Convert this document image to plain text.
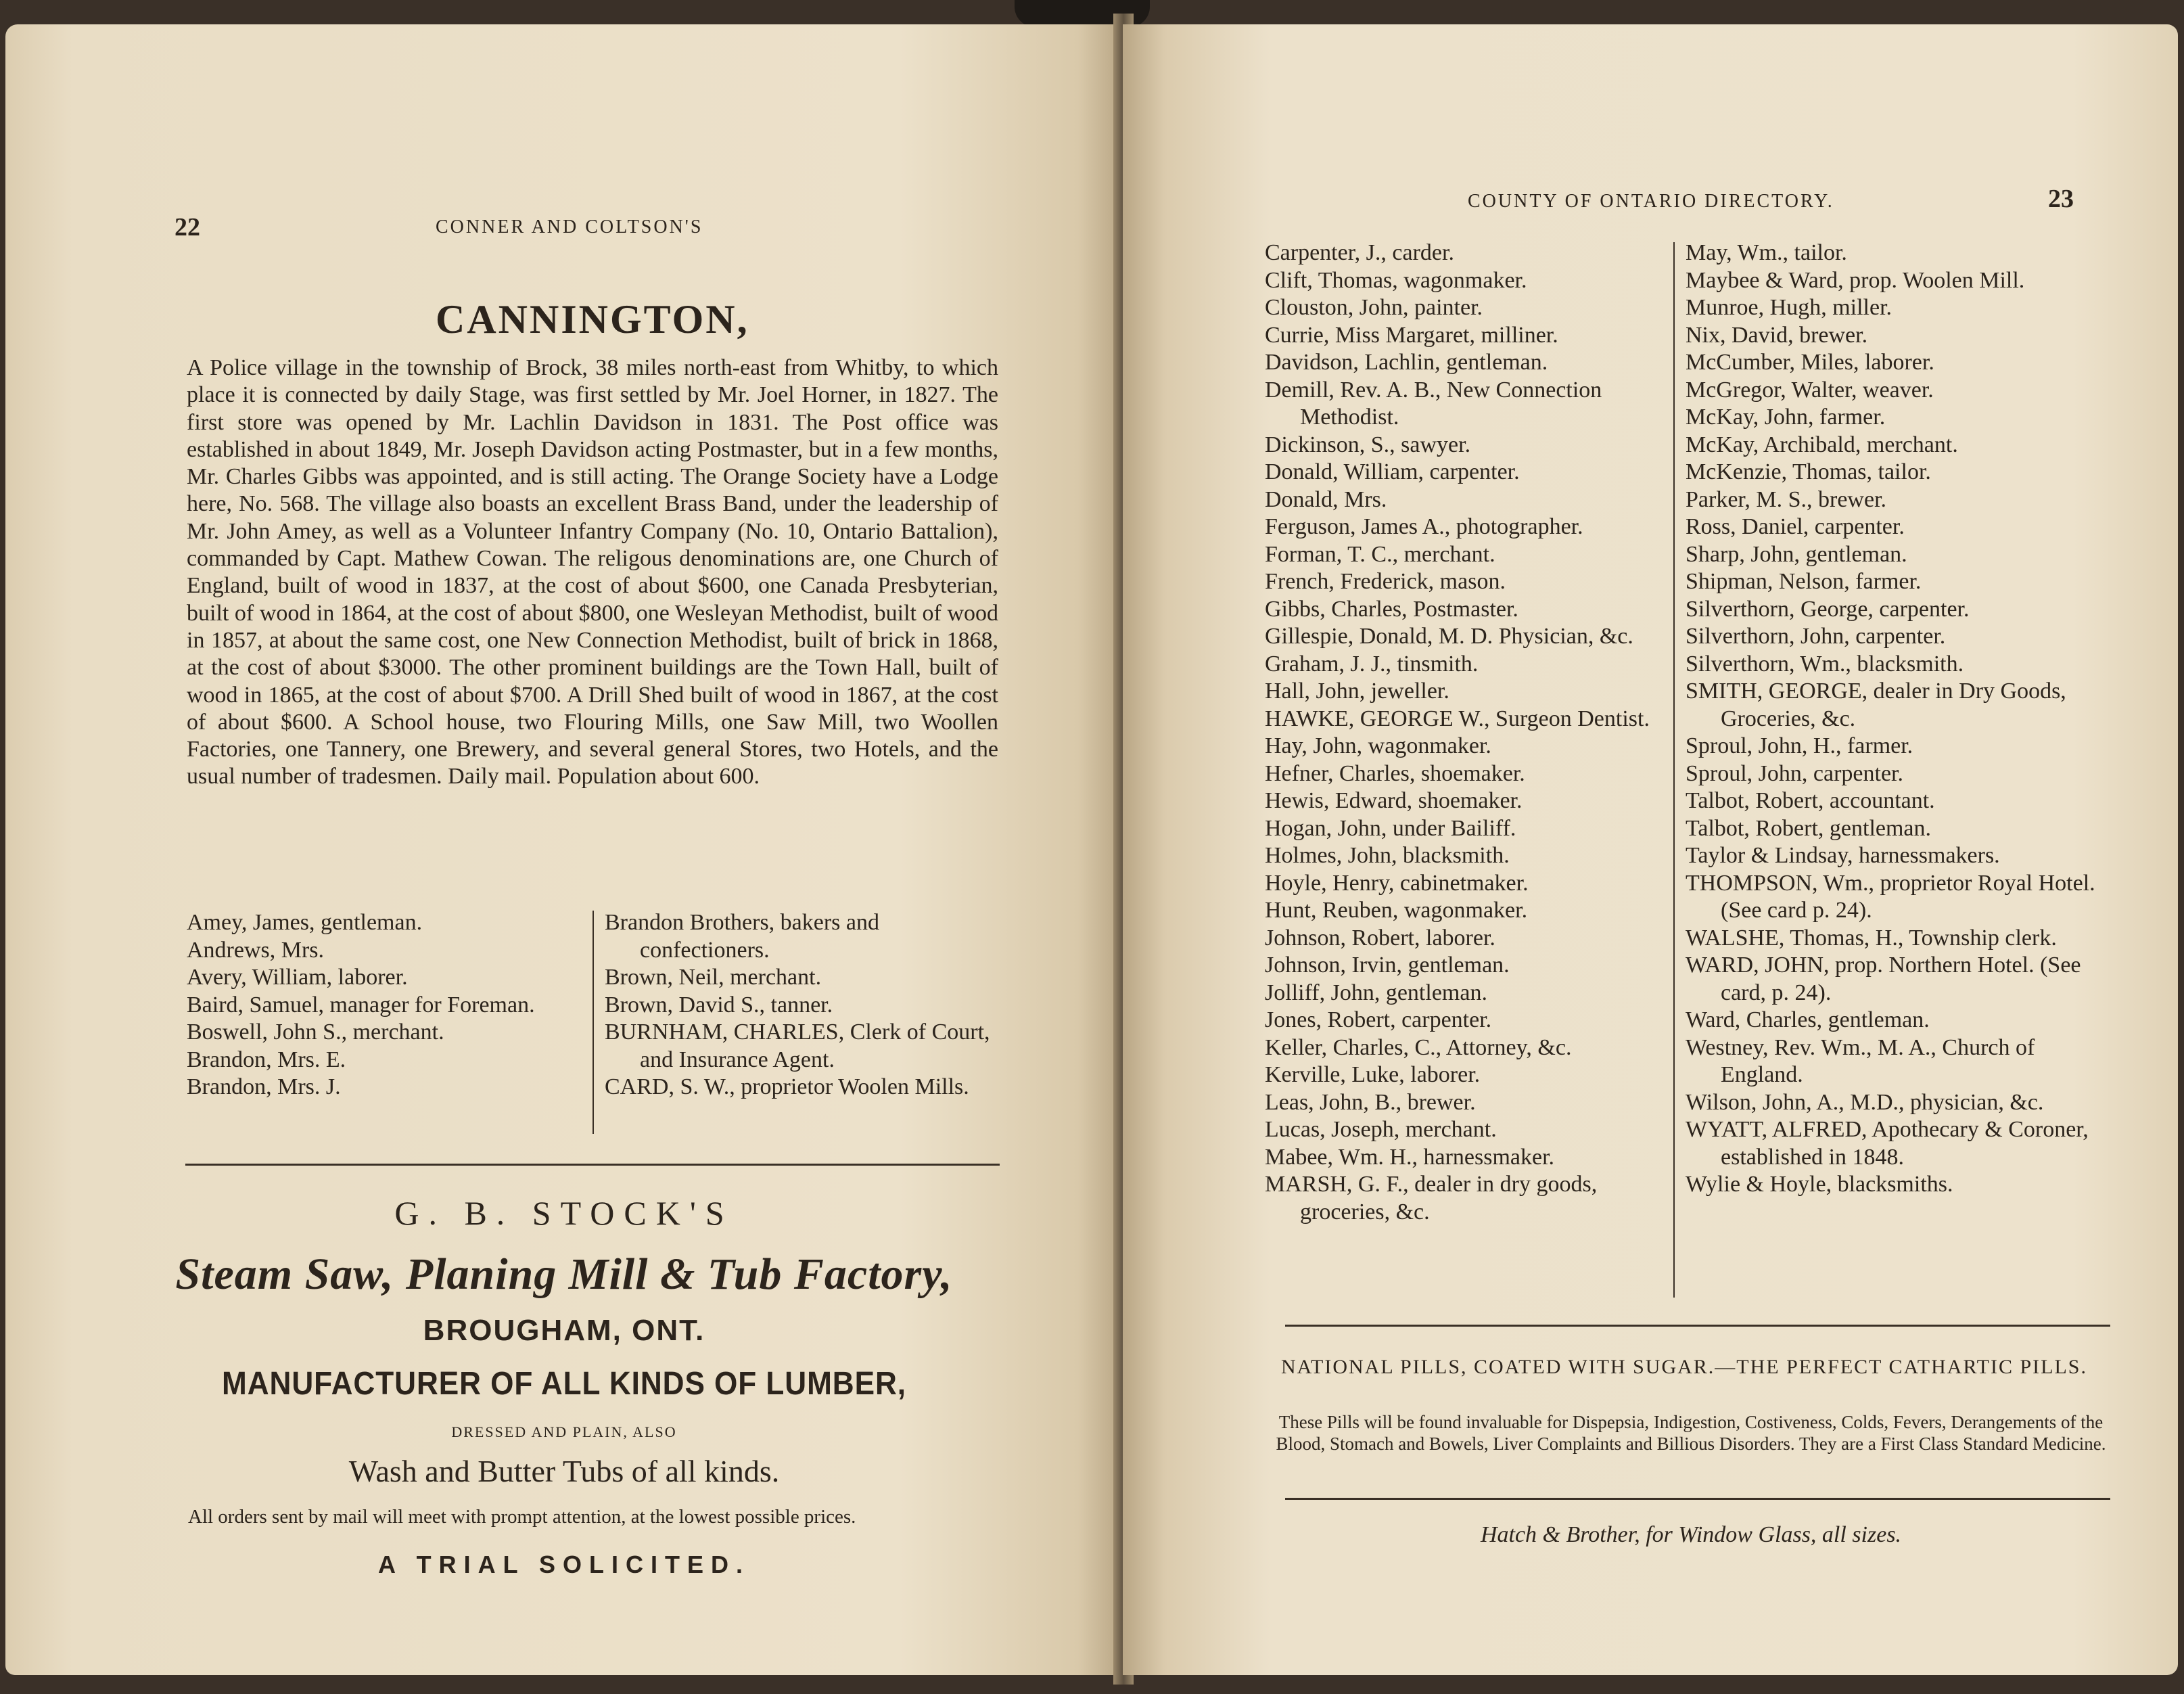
22	CONNER AND COLTSON'S
CANNINGTON,
A Police village in the township of Brock, 38 miles north-east from Whitby, to which place it is connected by daily Stage, was first settled by Mr. Joel Horner, in 1827. The first store was opened by Mr. Lachlin Davidson in 1831. The Post office was established in about 1849, Mr. Joseph Davidson acting Postmaster, but in a few months, Mr. Charles Gibbs was appointed, and is still acting. The Orange Society have a Lodge here, No. 568. The village also boasts an excellent Brass Band, under the leadership of Mr. John Amey, as well as a Volunteer Infantry Company (No. 10, Ontario Battalion), commanded by Capt. Mathew Cowan. The religous denominations are, one Church of England, built of wood in 1837, at the cost of about $600, one Canada Presbyterian, built of wood in 1864, at the cost of about $800, one Wesleyan Methodist, built of wood in 1857, at about the same cost, one New Connection Methodist, built of brick in 1868, at the cost of about $3000. The other prominent buildings are the Town Hall, built of wood in 1865, at the cost of about $700. A Drill Shed built of wood in 1867, at the cost of about $600. A School house, two Flouring Mills, one Saw Mill, two Woollen Factories, one Tannery, one Brewery, and several general Stores, two Hotels, and the usual number of tradesmen. Daily mail. Population about 600.
Amey, James, gentleman.
Andrews, Mrs.
Avery, William, laborer.
Baird, Samuel, manager for Foreman.
Boswell, John S., merchant.
Brandon, Mrs. E.
Brandon, Mrs. J.
Brandon Brothers, bakers and confectioners.
Brown, Neil, merchant.
Brown, David S., tanner.
BURNHAM, CHARLES, Clerk of Court, and Insurance Agent.
CARD, S. W., proprietor Woolen Mills.
G. B. STOCK'S
Steam Saw, Planing Mill & Tub Factory,
BROUGHAM, ONT.
MANUFACTURER OF ALL KINDS OF LUMBER,
DRESSED AND PLAIN, ALSO
Wash and Butter Tubs of all kinds.
All orders sent by mail will meet with prompt attention, at the lowest possible prices.
A TRIAL SOLICITED.
COUNTY OF ONTARIO DIRECTORY.	23
Carpenter, J., carder.
Clift, Thomas, wagonmaker.
Clouston, John, painter.
Currie, Miss Margaret, milliner.
Davidson, Lachlin, gentleman.
Demill, Rev. A. B., New Connection Methodist.
Dickinson, S., sawyer.
Donald, William, carpenter.
Donald, Mrs.
Ferguson, James A., photographer.
Forman, T. C., merchant.
French, Frederick, mason.
Gibbs, Charles, Postmaster.
Gillespie, Donald, M. D. Physician, &c.
Graham, J. J., tinsmith.
Hall, John, jeweller.
HAWKE, GEORGE W., Surgeon Dentist.
Hay, John, wagonmaker.
Hefner, Charles, shoemaker.
Hewis, Edward, shoemaker.
Hogan, John, under Bailiff.
Holmes, John, blacksmith.
Hoyle, Henry, cabinetmaker.
Hunt, Reuben, wagonmaker.
Johnson, Robert, laborer.
Johnson, Irvin, gentleman.
Jolliff, John, gentleman.
Jones, Robert, carpenter.
Keller, Charles, C., Attorney, &c.
Kerville, Luke, laborer.
Leas, John, B., brewer.
Lucas, Joseph, merchant.
Mabee, Wm. H., harnessmaker.
MARSH, G. F., dealer in dry goods, groceries, &c.
May, Wm., tailor.
Maybee & Ward, prop. Woolen Mill.
Munroe, Hugh, miller.
Nix, David, brewer.
McCumber, Miles, laborer.
McGregor, Walter, weaver.
McKay, John, farmer.
McKay, Archibald, merchant.
McKenzie, Thomas, tailor.
Parker, M. S., brewer.
Ross, Daniel, carpenter.
Sharp, John, gentleman.
Shipman, Nelson, farmer.
Silverthorn, George, carpenter.
Silverthorn, John, carpenter.
Silverthorn, Wm., blacksmith.
SMITH, GEORGE, dealer in Dry Goods, Groceries, &c.
Sproul, John, H., farmer.
Sproul, John, carpenter.
Talbot, Robert, accountant.
Talbot, Robert, gentleman.
Taylor & Lindsay, harnessmakers.
THOMPSON, Wm., proprietor Royal Hotel. (See card p. 24).
WALSHE, Thomas, H., Township clerk.
WARD, JOHN, prop. Northern Hotel. (See card, p. 24).
Ward, Charles, gentleman.
Westney, Rev. Wm., M. A., Church of England.
Wilson, John, A., M.D., physician, &c.
WYATT, ALFRED, Apothecary & Coroner, established in 1848.
Wylie & Hoyle, blacksmiths.
NATIONAL PILLS, COATED WITH SUGAR.—THE PERFECT CATHARTIC PILLS.
These Pills will be found invaluable for Dispepsia, Indigestion, Costiveness, Colds, Fevers, Derangements of the Blood, Stomach and Bowels, Liver Complaints and Billious Disorders. They are a First Class Standard Medicine.
Hatch & Brother, for Window Glass, all sizes.
